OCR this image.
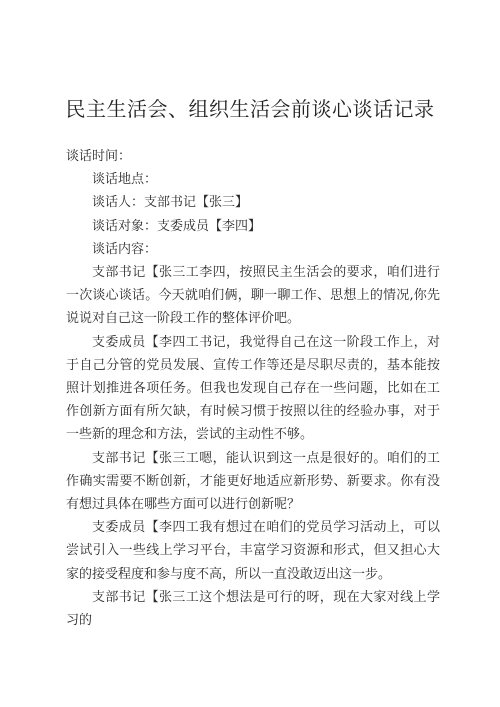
民主生活会、组织生活会前谈心谈话记录

谈话时间：

谈话地点：

谈话人：支部书记【张三】

谈话对象：支委成员【李四】

谈话内容：

支部书记【张三工李四，按照民主生活会的要求，咱们进行一次谈心谈话。今天就咱们俩，聊一聊工作、思想上的情况,你先说说对自己这一阶段工作的整体评价吧。

支委成员【李四工书记，我觉得自己在这一阶段工作上，对于自己分管的党员发展、宣传工作等还是尽职尽责的，基本能按照计划推进各项任务。但我也发现自己存在一些问题，比如在工作创新方面有所欠缺，有时候习惯于按照以往的经验办事，对于一些新的理念和方法，尝试的主动性不够。

支部书记【张三工嗯，能认识到这一点是很好的。咱们的工作确实需要不断创新，才能更好地适应新形势、新要求。你有没有想过具体在哪些方面可以进行创新呢？

支委成员【李四工我有想过在咱们的党员学习活动上，可以尝试引入一些线上学习平台，丰富学习资源和形式，但又担心大家的接受程度和参与度不高，所以一直没敢迈出这一步。

支部书记【张三工这个想法是可行的呀，现在大家对线上学习的
